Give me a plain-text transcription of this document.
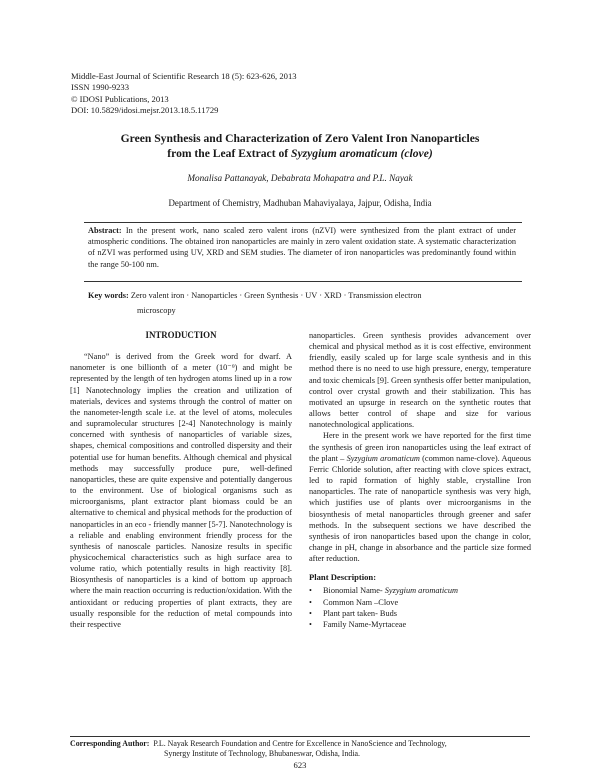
Middle-East Journal of Scientific Research 18 (5): 623-626, 2013
ISSN 1990-9233
© IDOSI Publications, 2013
DOI: 10.5829/idosi.mejsr.2013.18.5.11729
Green Synthesis and Characterization of Zero Valent Iron Nanoparticles
from the Leaf Extract of Syzygium aromaticum (clove)
Monalisa Pattanayak, Debabrata Mohapatra and P.L. Nayak
Department of Chemistry, Madhuban Mahaviyalaya, Jajpur, Odisha, India
Abstract: In the present work, nano scaled zero valent irons (nZVI) were synthesized from the plant extract of under atmospheric conditions. The obtained iron nanoparticles are mainly in zero valent oxidation state. A systematic characterization of nZVI was performed using UV, XRD and SEM studies. The diameter of iron nanoparticles was predominantly found within the range 50-100 nm.
Key words: Zero valent iron · Nanoparticles · Green Synthesis · UV · XRD · Transmission electron
microscopy
INTRODUCTION

“Nano” is derived from the Greek word for dwarf. A nanometer is one billionth of a meter (10⁻⁹) and might be represented by the length of ten hydrogen atoms lined up in a row [1] Nanotechnology implies the creation and utilization of materials, devices and systems through the control of matter on the nanometer-length scale i.e. at the level of atoms, molecules and supramolecular structures [2-4] Nanotechnology is mainly concerned with synthesis of nanoparticles of variable sizes, shapes, chemical compositions and controlled dispersity and their potential use for human benefits. Although chemical and physical methods may successfully produce pure, well-defined nanoparticles, these are quite expensive and potentially dangerous to the environment. Use of biological organisms such as microorganisms, plant extractor plant biomass could be an alternative to chemical and physical methods for the production of nanoparticles in an eco - friendly manner [5-7]. Nanotechnology is a reliable and enabling environment friendly process for the synthesis of nanoscale particles. Nanosize results in specific physicochemical characteristics such as high surface area to volume ratio, which potentially results in high reactivity [8]. Biosynthesis of nanoparticles is a kind of bottom up approach where the main reaction occurring is reduction/oxidation. With the antioxidant or reducing properties of plant extracts, they are usually responsible for the reduction of metal compounds into their respective

nanoparticles. Green synthesis provides advancement over chemical and physical method as it is cost effective, environment friendly, easily scaled up for large scale synthesis and in this method there is no need to use high pressure, energy, temperature and toxic chemicals [9]. Green synthesis offer better manipulation, control over crystal growth and their stabilization. This has motivated an upsurge in research on the synthetic routes that allows better control of shape and size for various nanotechnological applications.

Here in the present work we have reported for the first time the synthesis of green iron nanoparticles using the leaf extract of the plant – Syzygium aromaticum (common name-clove). Aqueous Ferric Chloride solution, after reacting with clove spices extract, led to rapid formation of highly stable, crystalline Iron nanoparticles. The rate of nanoparticle synthesis was very high, which justifies use of plants over microorganisms in the biosynthesis of metal nanoparticles through greener and safer methods. In the subsequent sections we have described the synthesis of iron nanoparticles based upon the change in color, change in pH, change in absorbance and the particle size formed after reduction.

Plant Description:
• Bionomial Name- Syzygium aromaticum
• Common Nam –Clove
• Plant part taken- Buds
• Family Name-Myrtaceae
Corresponding Author: P.L. Nayak Research Foundation and Centre for Excellence in NanoScience and Technology,
Synergy Institute of Technology, Bhubaneswar, Odisha, India.
623
